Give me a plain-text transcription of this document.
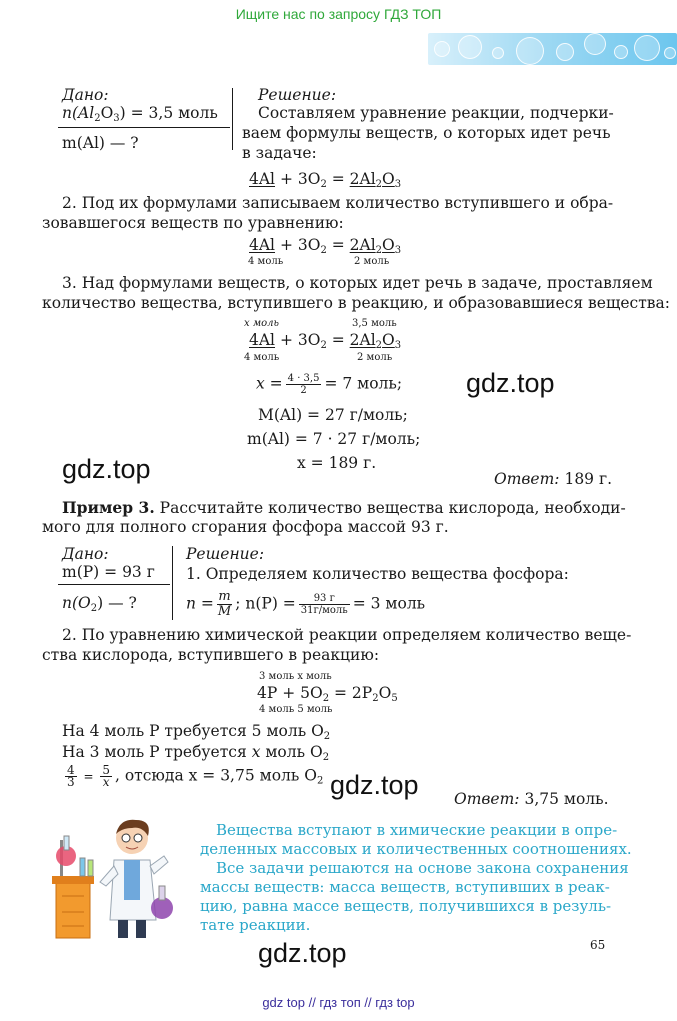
Ищите нас по запросу ГДЗ ТОП
Дано:
$n(Al_2O_3) = 3,5$ моль
m(Al) — ?
Решение:
Составляем уравнение реакции, подчерки-
ваем формулы веществ, о которых идет речь
в задаче:
$4Al + 3O_2 = 2Al_2O_3$
2. Под их формулами записываем количество вступившего и обра-
зовавшегося веществ по уравнению:
$4Al + 3O_2 = 2Al_2O_3$
4 моль	2 моль
3. Над формулами веществ, о которых идет речь в задаче, проставляем
количество вещества, вступившего в реакцию, и образовавшиеся вещества:
x моль	3,5 моль
$4Al + 3O_2 = 2Al_2O_3$
4 моль	2 моль
$x = \frac{4 \cdot 3,5}{2} = 7$ моль;
M(Al) = 27 г/моль;
m(Al) = 7 · 27 г/моль;
x = 189 г.
Ответ: 189 г.
Пример 3. Рассчитайте количество вещества кислорода, необходи-
мого для полного сгорания фосфора массой 93 г.
Дано:
m(P) = 93 г
$n(O_2)$ — ?
Решение:
1. Определяем количество вещества фосфора:
$n = \frac{m}{M}$ ; $n(P) = \frac{93 г}{\text{31г/моль}} = 3$ моль
2. По уравнению химической реакции определяем количество веще-
ства кислорода, вступившего в реакцию:
3 моль x моль
$4P + 5O_2 = 2P_2O_5$
4 моль 5 моль
На 4 моль P требуется 5 моль $O_2$
На 3 моль P требуется x моль $O_2$
$\frac{4}{3} = \frac{5}{x}$ , отсюда x = 3,75 моль $O_2$
Ответ: 3,75 моль.
Вещества вступают в химические реакции в опре-
деленных массовых и количественных соотношениях.
Все задачи решаются на основе закона сохранения
массы веществ: масса веществ, вступивших в реак-
цию, равна массе веществ, получившихся в резуль-
тате реакции.
65
gdz.top
gdz.top
gdz.top
gdz.top
gdz top // гдз топ // гдз top
